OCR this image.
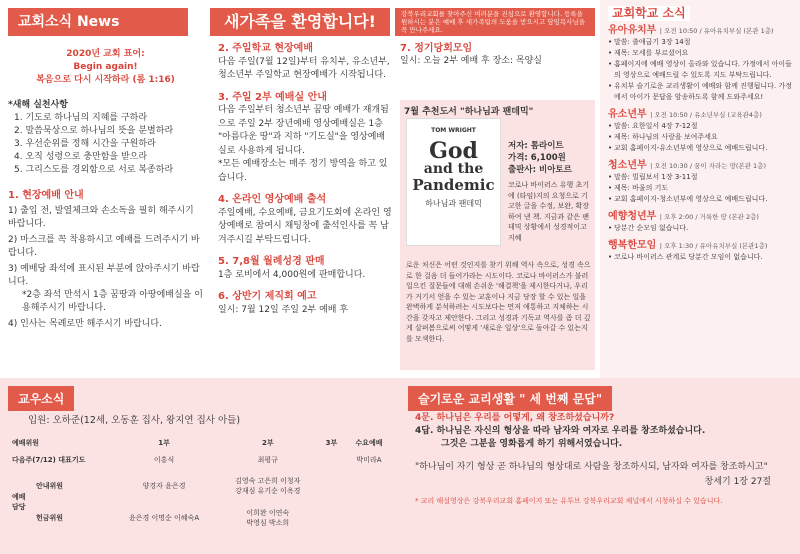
교회소식 News	새가족을 환영합니다!	강북우리교회를 찾아주신 여러분을 진심으로 환영합니다. 등록을 원하시는 분은 예배 후 새가족팀의 도움을 받으시고 담임목사님을 꼭 만나주세요.
2020년 교회 표어:
Begin again!
복음으로 다시 시작하라 (롬 1:16)
*새해 실천사항
1. 기도로 하나님의 지혜를 구하라
2. 말씀묵상으로 하나님의 뜻을 분별하라
3. 우선순위를 정해 시간을 구원하라
4. 오직 성령으로 충만함을 받으라
5. 그리스도를 경외함으로 서로 복종하라
1. 현장예배 안내
1) 출입 전, 발열체크와 손소독을 필히 해주시기 바랍니다.
2) 마스크를 꼭 착용하시고 예배를 드려주시기 바랍니다.
3) 예배당 좌석에 표시된 부분에 앉아주시기 바랍니다.
*2층 좌석 만석시 1층 꿈땅과 아땅에배실을 이용해주시기 바랍니다.
4) 인사는 목례로만 해주시기 바랍니다.
2. 주일학교 현장예배
다음 주일(7월 12일)부터 유치부, 유소년부, 청소년부 주일학교 현장예배가 시작됩니다.
3. 주일 2부 예배실 안내
다음 주일부터 청소년부 꿈땅 예배가 재개됨으로 주일 2부 장년예배 영상예배실은 1층 "아름다운 땅"과 지하 "기도실"을 영상예배실로 사용하게 됩니다.
*모든 예배장소는 매주 정기 방역을 하고 있습니다.
4. 온라인 영상예배 출석
주일예배, 수요예배, 금요기도회에 온라인 영상예배로 참여시 채팅창에 출석인사를 꼭 남겨주시길 부탁드립니다.
5. 7,8월 월례성경 판매
1층 로비에서 4,000원에 판매합니다.
6. 상반기 제직회 예고
일시: 7월 12일 주일 2부 예배 후
7. 정기당회모임
일시: 오늘 2부 예배 후 장소: 목양실
7월 추천도서 "하나님과 팬데믹"
TOM WRIGHT
God
and the
Pandemic
하나님과 팬데믹
저자: 톰라이트
가격: 6,100원
출판사: 비아토르
코로나 바이러스 유행 초기에 (타임)지의 요청으로 기고한 글을 수정, 보완, 확장하여 낸 책. 지금과 같은 팬데믹 상황에서 성경적이고 지혜
로운 처신은 어떤 것인지를 찾기 위해 역사 속으로, 성경 속으로 한 걸음 더 들어가라는 시도이다. 코로나 바이러스가 불러일으킨 질문들에 대해 손쉬운 '해결책'을 제시한다거나, 우리가 거기서 얻을 수 있는 교훈이나 지금 당장 할 수 있는 일을 완벽하게 분석하려는 시도보다는 먼저 애통하고 지체하는 시간을 갖자고 제안한다. 그리고 성경과 기독교 역사를 좀 더 깊게 살펴봄으로써 어떻게 '새로운 일상'으로 돌아갈 수 있는지를 모색한다.
교회학교 소식
유아유치부 | 오전 10:50 / 유아유치부실 (본관 1층)
• 말씀: 출애굽기 3장 14절
• 제목: 모세를 부르셨어요
• 홈페이지에 예배 영상이 올라와 있습니다. 가정에서 아이들의 영상으로 예배드릴 수 있도록 지도 부탁드립니다.
• 유치부 슬기로운 교리생활이 예배와 함께 진행됩니다. 가정에서 아이가 문답을 암송하도록 함께 도와주세요!
유소년부 | 오전 10:50 / 유소년부실 (교육관4층)
• 말씀: 요한일서 4장 7-12절
• 제목: 하나님의 사랑을 보여주세요
• 교회 홈페이지-유소년부에 영상으로 예배드립니다.
청소년부 | 오전 10:30 / 꿈이 자라는 땅(본관 1층)
• 말씀: 빌립보서 1장 3-11절
• 제목: 바울의 기도
• 교회 홈페이지-청소년부에 영상으로 예배드립니다.
예향청년부 | 오후 2:00 / 거룩한 땅 (본관 2층)
• 당분간 순모임 없습니다.
행복한모임 | 오후 1:30 / 유아유치부실 (본관1층)
• 코로나 바이러스 관계로 당분간 모임이 없습니다.
교우소식
입원: 오하준(12세, 오동훈 집사, 왕지연 집사 아들)
예배위원		1부	2부	3부	수요예배
다음주(7/12) 대표기도		이흥식	최평규		박미라A
예배 담당	안내위원	양경자 윤은경	김영숙 고은희 이청자
강재심 유기순 이옥경		
	헌금위원	윤은경 이명순 이혜숙A	이희완 이연숙
박영심 박소희		
슬기로운 교리생활 " 세 번째 문답"
4문. 하나님은 우리를 어떻게, 왜 창조하셨습니까?
4답. 하나님은 자신의 형상을 따라 남자와 여자로 우리를 창조하셨습니다.
그것은 그분을 영화롭게 하기 위해서였습니다.
"하나님이 자기 형상 곧 하나님의 형상대로 사람을 창조하시되, 남자와 여자를 창조하시고"
창세기 1장 27절
* 교리 해설영상은 강북우리교회 홈페이지 또는 유투브 강북우리교회 채널에서 시청하실 수 있습니다.
